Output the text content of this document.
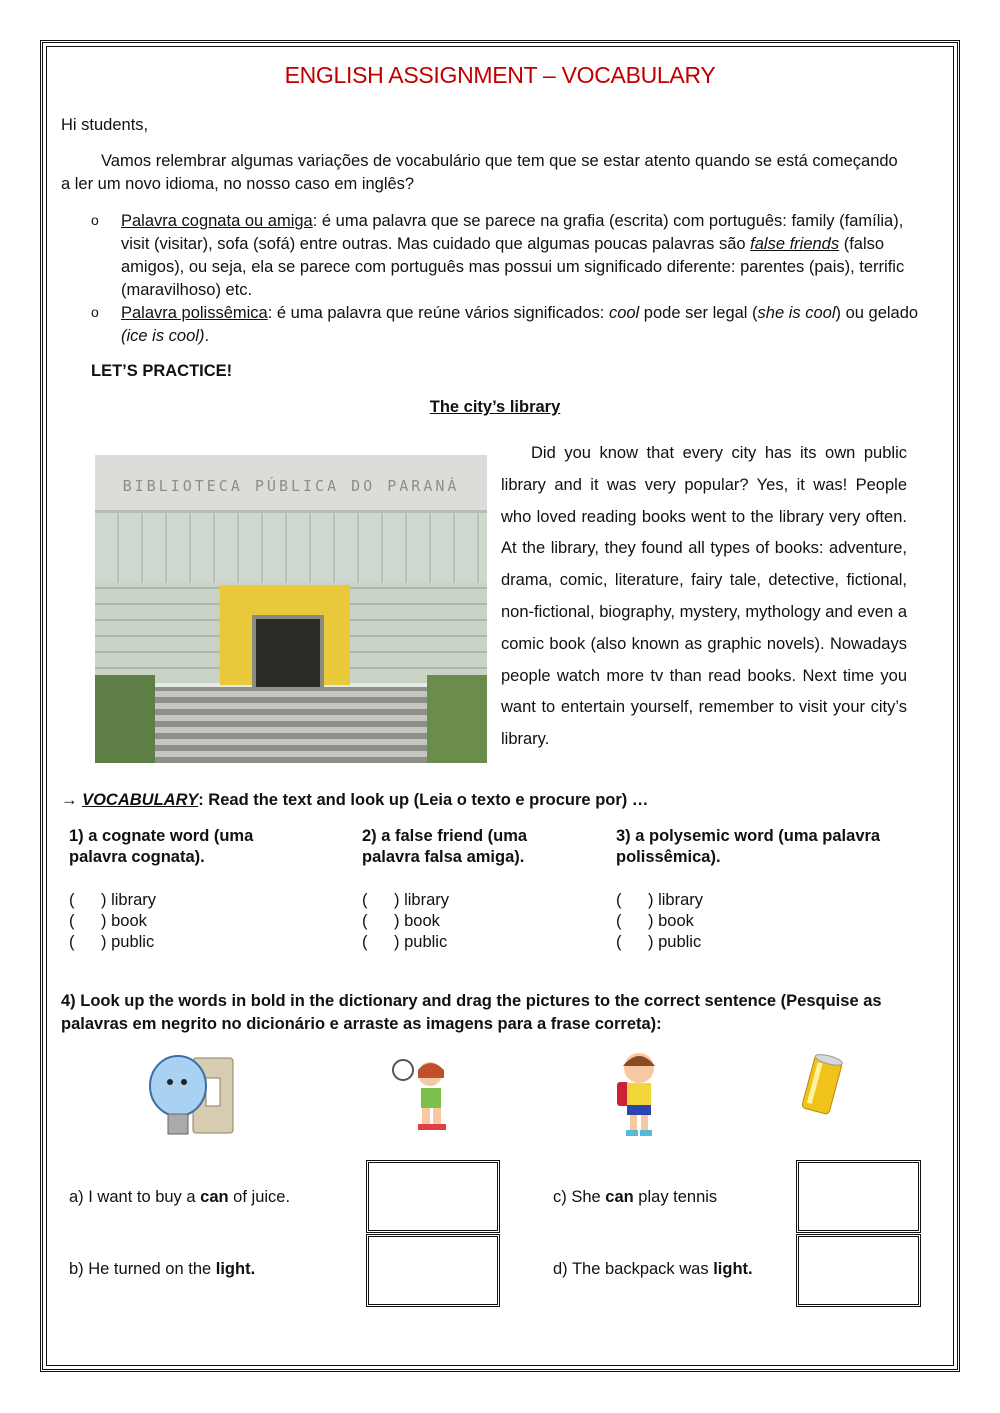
ENGLISH ASSIGNMENT – VOCABULARY
Hi students,
Vamos relembrar algumas variações de vocabulário que tem que se estar atento quando se está começando a ler um novo idioma, no nosso caso em inglês?
o Palavra cognata ou amiga: é uma palavra que se parece na grafia (escrita) com português: family (família), visit (visitar), sofa (sofá) entre outras. Mas cuidado que algumas poucas palavras são false friends (falso amigos), ou seja, ela se parece com português mas possui um significado diferente: parentes (pais), terrific (maravilhoso) etc.
o Palavra polissêmica: é uma palavra que reúne vários significados: cool pode ser legal (she is cool) ou gelado (ice is cool).
LET’S PRACTICE!
The city’s library
BIBLIOTECA PÚBLICA DO PARANÁ
Did you know that every city has its own public library and it was very popular? Yes, it was! People who loved reading books went to the library very often. At the library, they found all types of books: adventure, drama, comic, literature, fairy tale, detective, fictional, non-fictional, biography, mystery, mythology and even a comic book (also known as graphic novels). Nowadays people watch more tv than read books. Next time you want to entertain yourself, remember to visit your city’s library.
→ VOCABULARY: Read the text and look up (Leia o texto e procure por) …
1) a cognate word (uma palavra cognata).
2) a false friend (uma palavra falsa amiga).
3) a polysemic word (uma palavra polissêmica).
( ) library
( ) book
( ) public
( ) library
( ) book
( ) public
( ) library
( ) book
( ) public
4) Look up the words in bold in the dictionary and drag the pictures to the correct sentence (Pesquise as palavras em negrito no dicionário e arraste as imagens para a frase correta):
a) I want to buy a can of juice.
b) He turned on the light.
c) She can play tennis
d) The backpack was light.
